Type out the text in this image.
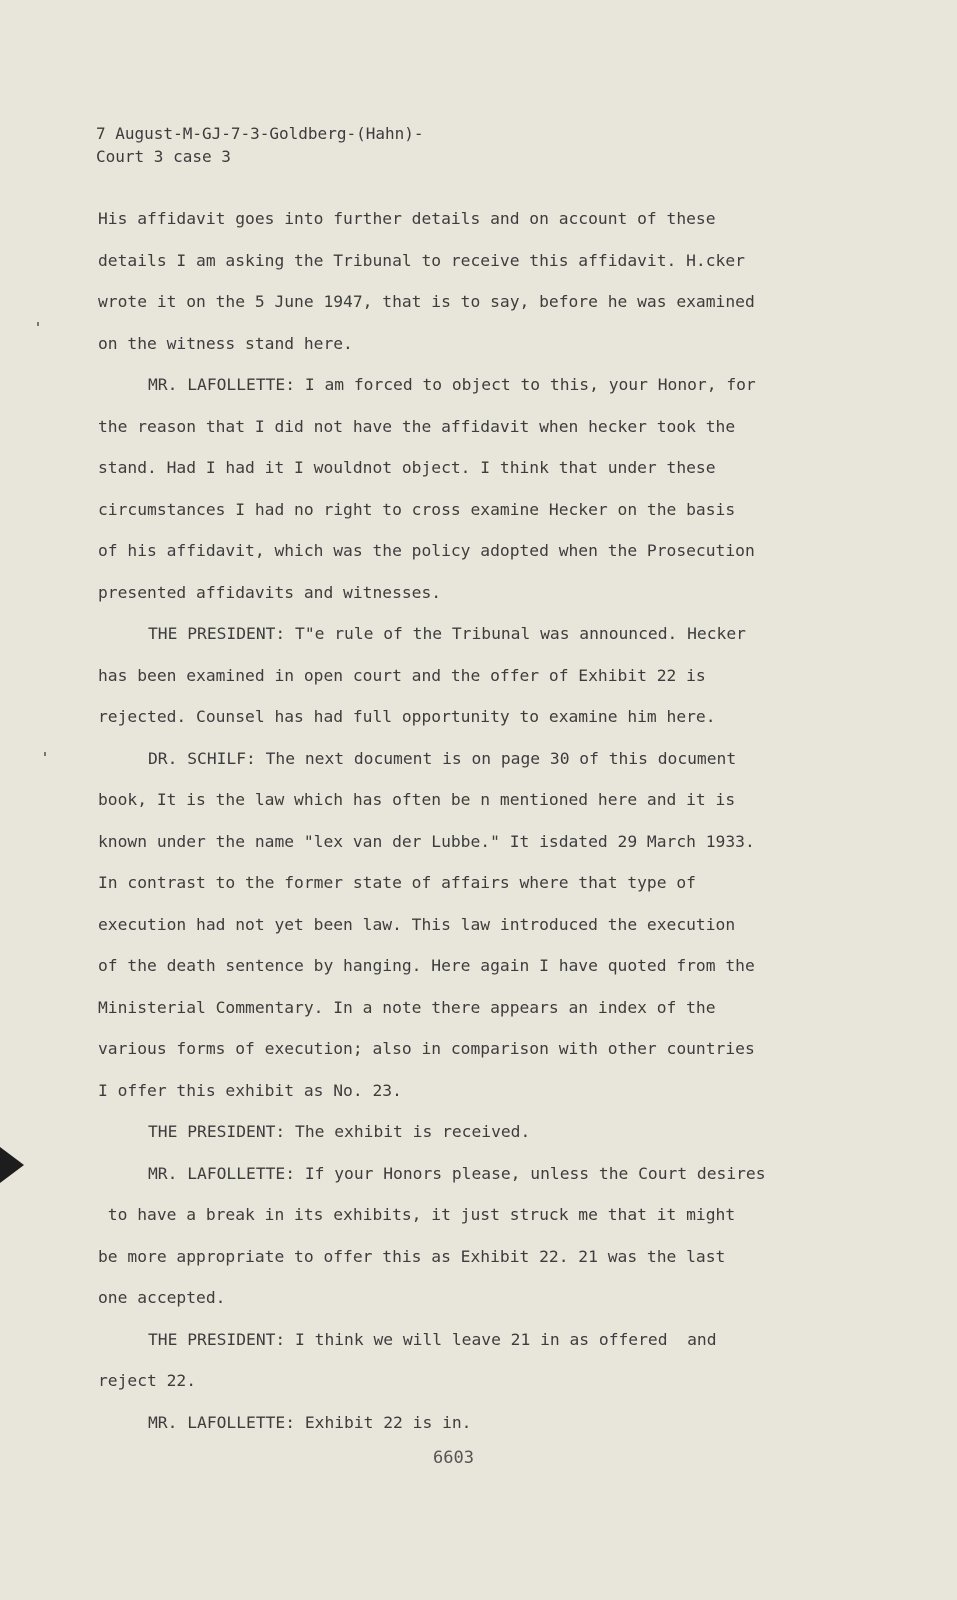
7 August-M-GJ-7-3-Goldberg-(Hahn)-
Court 3 case 3
His affidavit goes into further details and on account of these
details I am asking the Tribunal to receive this affidavit. H.cker
wrote it on the 5 June 1947, that is to say, before he was examined
on the witness stand here.
MR. LAFOLLETTE: I am forced to object to this, your Honor, for
the reason that I did not have the affidavit when hecker took the
stand. Had I had it I wouldnot object. I think that under these
circumstances I had no right to cross examine Hecker on the basis
of his affidavit, which was the policy adopted when the Prosecution
presented affidavits and witnesses.
THE PRESIDENT: T"e rule of the Tribunal was announced. Hecker
has been examined in open court and the offer of Exhibit 22 is
rejected. Counsel has had full opportunity to examine him here.
DR. SCHILF: The next document is on page 30 of this document
book, It is the law which has often be n mentioned here and it is
known under the name "lex van der Lubbe." It isdated 29 March 1933.
In contrast to the former state of affairs where that type of
execution had not yet been law. This law introduced the execution
of the death sentence by hanging. Here again I have quoted from the
Ministerial Commentary. In a note there appears an index of the
various forms of execution; also in comparison with other countries
I offer this exhibit as No. 23.
THE PRESIDENT: The exhibit is received.
MR. LAFOLLETTE: If your Honors please, unless the Court desires
to have a break in its exhibits, it just struck me that it might
be more appropriate to offer this as Exhibit 22. 21 was the last
one accepted.
THE PRESIDENT: I think we will leave 21 in as offered  and
reject 22.
MR. LAFOLLETTE: Exhibit 22 is in.
6603
